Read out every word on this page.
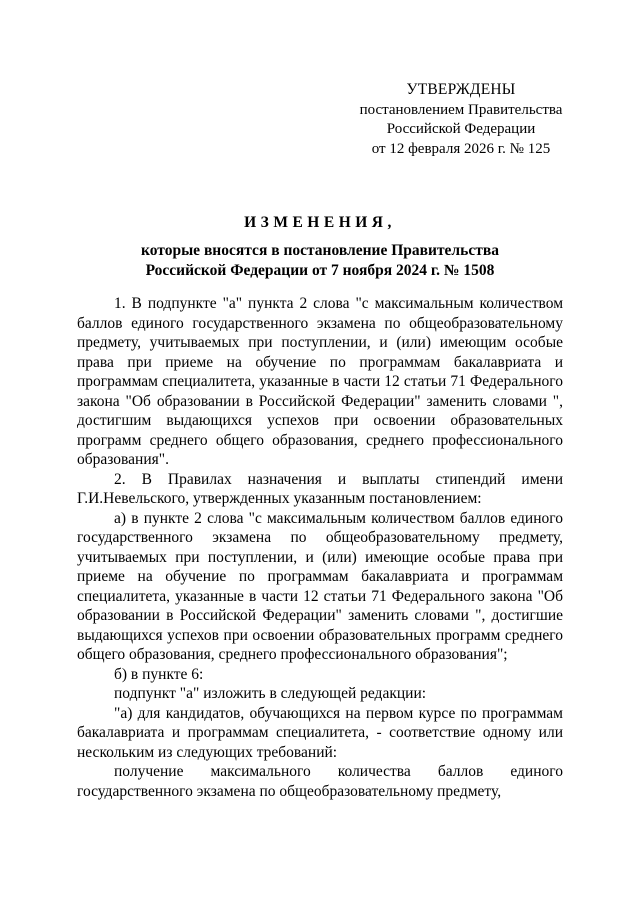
УТВЕРЖДЕНЫ
постановлением Правительства
Российской Федерации
от 12 февраля 2026 г. № 125
ИЗМЕНЕНИЯ,
которые вносятся в постановление Правительства
Российской Федерации от 7 ноября 2024 г. № 1508

1. В подпункте "а" пункта 2 слова "с максимальным количеством баллов единого государственного экзамена по общеобразовательному предмету, учитываемых при поступлении, и (или) имеющим особые права при приеме на обучение по программам бакалавриата и программам специалитета, указанные в части 12 статьи 71 Федерального закона "Об образовании в Российской Федерации" заменить словами ", достигшим выдающихся успехов при освоении образовательных программ среднего общего образования, среднего профессионального образования".

2. В Правилах назначения и выплаты стипендий имени Г.И.Невельского, утвержденных указанным постановлением:

а) в пункте 2 слова "с максимальным количеством баллов единого государственного экзамена по общеобразовательному предмету, учитываемых при поступлении, и (или) имеющие особые права при приеме на обучение по программам бакалавриата и программам специалитета, указанные в части 12 статьи 71 Федерального закона "Об образовании в Российской Федерации" заменить словами ", достигшие выдающихся успехов при освоении образовательных программ среднего общего образования, среднего профессионального образования";

б) в пункте 6:

подпункт "а" изложить в следующей редакции:

"а) для кандидатов, обучающихся на первом курсе по программам бакалавриата и программам специалитета, - соответствие одному или нескольким из следующих требований:

получение максимального количества баллов единого государственного экзамена по общеобразовательному предмету,
